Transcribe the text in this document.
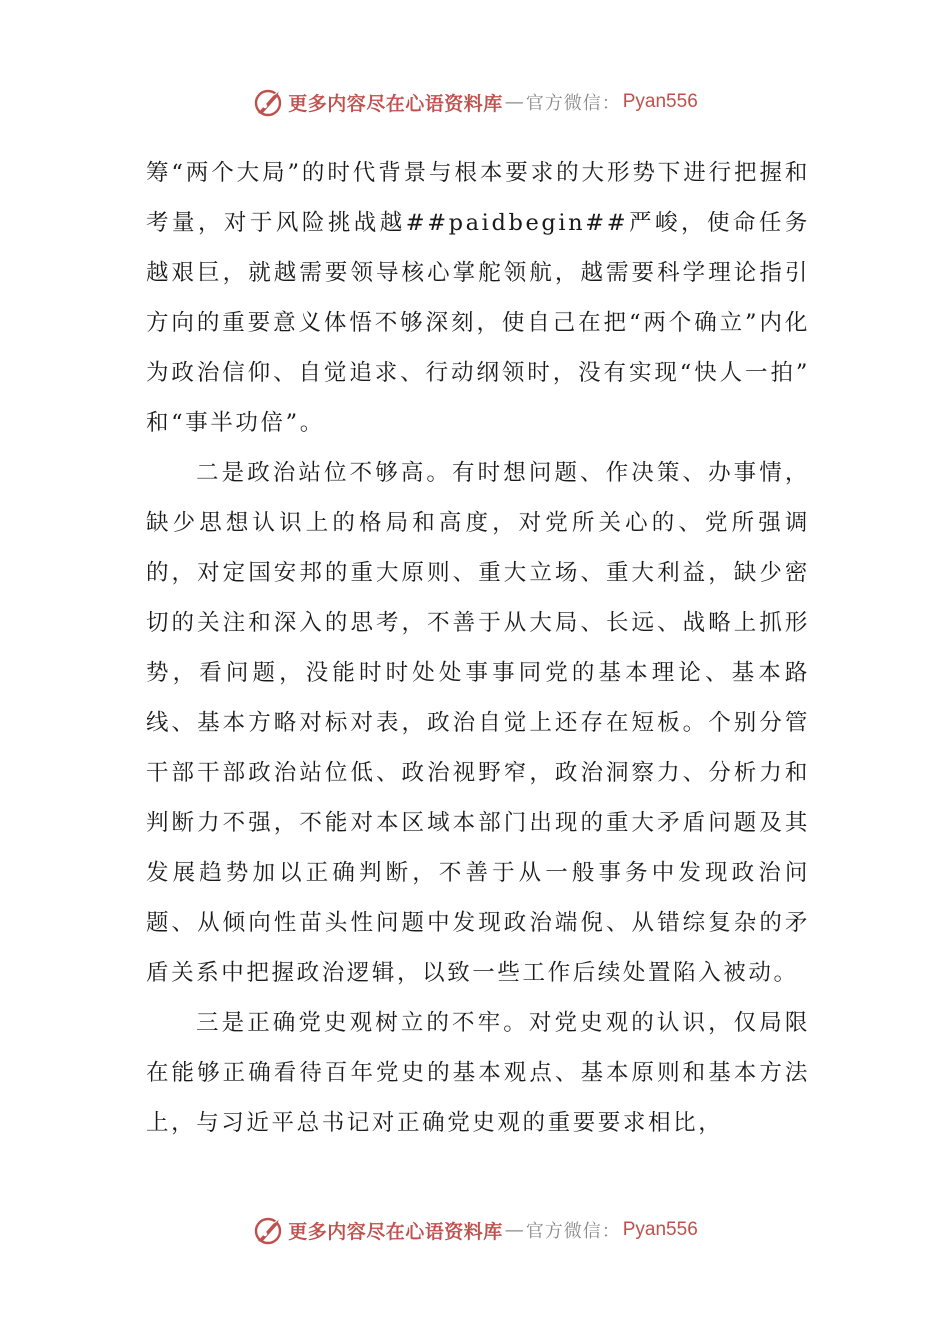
更多内容尽在心语资料库 — 官方微信： Pyan556

筹“两个大局”的时代背景与根本要求的大形势下进行把握和考量，对于风险挑战越##paidbegin##严峻，使命任务越艰巨，就越需要领导核心掌舵领航，越需要科学理论指引方向的重要意义体悟不够深刻，使自己在把“两个确立”内化为政治信仰、自觉追求、行动纲领时，没有实现“快人一拍” 和“事半功倍”。

二是政治站位不够高。有时想问题、作决策、办事情，缺少思想认识上的格局和高度，对党所关心的、党所强调的，对定国安邦的重大原则、重大立场、重大利益，缺少密切的关注和深入的思考，不善于从大局、长远、战略上抓形势，看问题，没能时时处处事事同党的基本理论、基本路线、基本方略对标对表，政治自觉上还存在短板。个别分管干部干部政治站位低、政治视野窄，政治洞察力、分析力和判断力不强，不能对本区域本部门出现的重大矛盾问题及其发展趋势加以正确判断，不善于从一般事务中发现政治问题、从倾向性苗头性问题中发现政治端倪、从错综复杂的矛盾关系中把握政治逻辑，以致一些工作后续处置陷入被动。

三是正确党史观树立的不牢。对党史观的认识，仅局限在能够正确看待百年党史的基本观点、基本原则和基本方法上，与习近平总书记对正确党史观的重要要求相比，

更多内容尽在心语资料库 — 官方微信： Pyan556
